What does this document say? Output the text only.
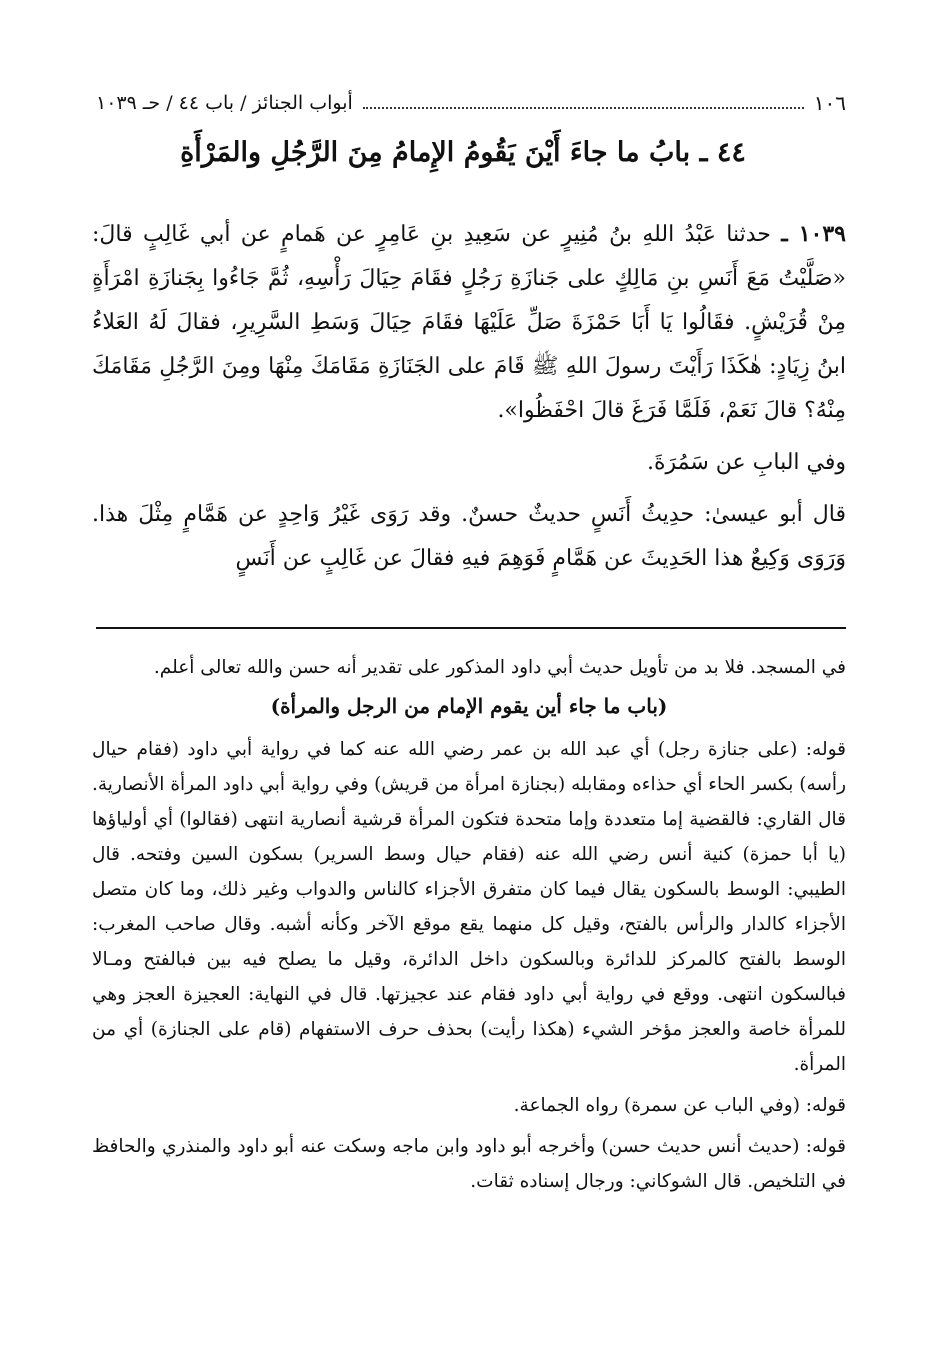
١٠٦
أبواب الجنائز / باب ٤٤ / حـ ١٠٣٩
٤٤ ـ بابُ ما جاءَ أَيْنَ يَقُومُ الإِمامُ مِنَ الرَّجُلِ والمَرْأَةِ

١٠٣٩ ـ حدثنا عَبْدُ اللهِ بنُ مُنِيرٍ عن سَعِيدِ بنِ عَامِرٍ عن هَمامٍ عن أبي غَالِبٍ قالَ: «صَلَّيْتُ مَعَ أَنَسِ بنِ مَالِكٍ على جَنازَةِ رَجُلٍ فقَامَ حِيَالَ رَأْسِهِ، ثُمَّ جَاءُوا بِجَنازَةِ امْرَأَةٍ مِنْ قُرَيْشٍ. فقَالُوا يَا أَبَا حَمْزَةَ صَلِّ عَلَيْهَا فقَامَ حِيَالَ وَسَطِ السَّرِيرِ، فقالَ لَهُ العَلاءُ ابنُ زِيَادٍ: هٰكَذَا رَأَيْتَ رسولَ اللهِ ﷺ قَامَ على الجَنَازَةِ مَقَامَكَ مِنْهَا ومِنَ الرَّجُلِ مَقَامَكَ مِنْهُ؟ قالَ نَعَمْ، فَلَمَّا فَرَغَ قالَ احْفَظُوا».

وفي البابِ عن سَمُرَةَ.

قال أبو عيسىٰ: حدِيثُ أَنَسٍ حديثٌ حسنٌ. وقد رَوَى غَيْرُ وَاحِدٍ عن هَمَّامٍ مِثْلَ هذا. وَرَوَى وَكِيعٌ هذا الحَدِيثَ عن هَمَّامٍ فَوَهِمَ فيهِ فقالَ عن غَالِبٍ عن أَنَسٍ

في المسجد. فلا بد من تأويل حديث أبي داود المذكور على تقدير أنه حسن والله تعالى أعلم.

(باب ما جاء أين يقوم الإمام من الرجل والمرأة)

قوله: (على جنازة رجل) أي عبد الله بن عمر رضي الله عنه كما في رواية أبي داود (فقام حيال رأسه) بكسر الحاء أي حذاءه ومقابله (بجنازة امرأة من قريش) وفي رواية أبي داود المرأة الأنصارية. قال القاري: فالقضية إما متعددة وإما متحدة فتكون المرأة قرشية أنصارية انتهى (فقالوا) أي أولياؤها (يا أبا حمزة) كنية أنس رضي الله عنه (فقام حيال وسط السرير) بسكون السين وفتحه. قال الطيبي: الوسط بالسكون يقال فيما كان متفرق الأجزاء كالناس والدواب وغير ذلك، وما كان متصل الأجزاء كالدار والرأس بالفتح، وقيل كل منهما يقع موقع الآخر وكأنه أشبه. وقال صاحب المغرب: الوسط بالفتح كالمركز للدائرة وبالسكون داخل الدائرة، وقيل ما يصلح فيه بين فبالفتح ومـالا فبالسكون انتهى. ووقع في رواية أبي داود فقام عند عجيزتها. قال في النهاية: العجيزة العجز وهي للمرأة خاصة والعجز مؤخر الشيء (هكذا رأيت) بحذف حرف الاستفهام (قام على الجنازة) أي من المرأة.

قوله: (وفي الباب عن سمرة) رواه الجماعة.

قوله: (حديث أنس حديث حسن) وأخرجه أبو داود وابن ماجه وسكت عنه أبو داود والمنذري والحافظ في التلخيص. قال الشوكاني: ورجال إسناده ثقات.
